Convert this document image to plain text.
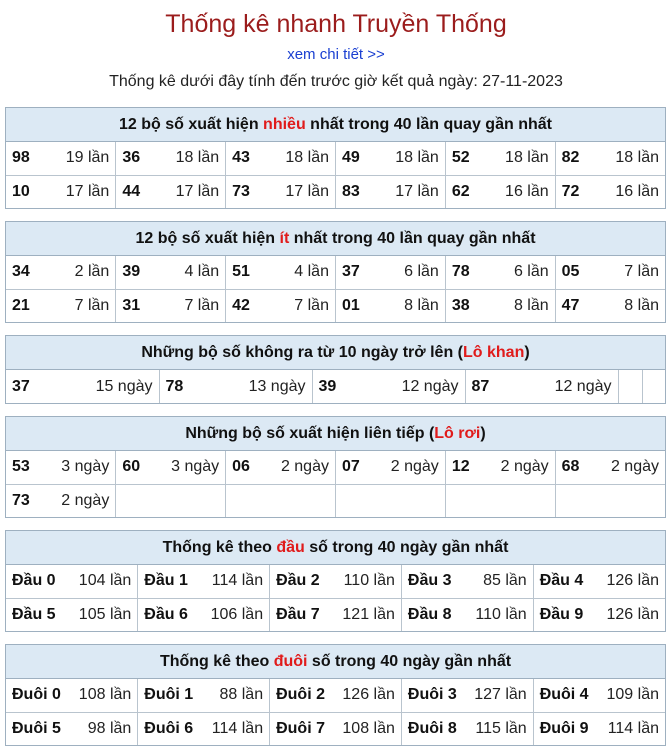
Thống kê nhanh Truyền Thống
xem chi tiết >>
Thống kê dưới đây tính đến trước giờ kết quả ngày: 27-11-2023
12 bộ số xuất hiện nhiều nhất trong 40 lần quay gần nhất
98 19 lần	36 18 lần	43 18 lần	49 18 lần	52 18 lần	82 18 lần

10 17 lần	44 17 lần	73 17 lần	83 17 lần	62 16 lần	72 16 lần
12 bộ số xuất hiện ít nhất trong 40 lần quay gần nhất
34 2 lần	39 4 lần	51 4 lần	37 6 lần	78 6 lần	05 7 lần

21 7 lần	31 7 lần	42 7 lần	01 8 lần	38 8 lần	47 8 lần
Những bộ số không ra từ 10 ngày trở lên (Lô khan)
37	15 ngày	78	13 ngày	39	12 ngày	87	12 ngày

Những bộ số xuất hiện liên tiếp (Lô rơi)
53 3 ngày	60 3 ngày	06 2 ngày	07 2 ngày	12 2 ngày	68 2 ngày

73 2 ngày					

Thống kê theo đầu số trong 40 ngày gần nhất
Đầu 0 104 lần	Đầu 1 114 lần	Đầu 2 110 lần	Đầu 3 85 lần	Đầu 4 126 lần

Đầu 5 105 lần	Đầu 6 106 lần	Đầu 7 121 lần	Đầu 8 110 lần	Đầu 9 126 lần
Thống kê theo đuôi số trong 40 ngày gần nhất
Đuôi 0 108 lần	Đuôi 1 88 lần	Đuôi 2 126 lần	Đuôi 3 127 lần	Đuôi 4 109 lần

Đuôi 5 98 lần	Đuôi 6 114 lần	Đuôi 7 108 lần	Đuôi 8 115 lần	Đuôi 9 114 lần
